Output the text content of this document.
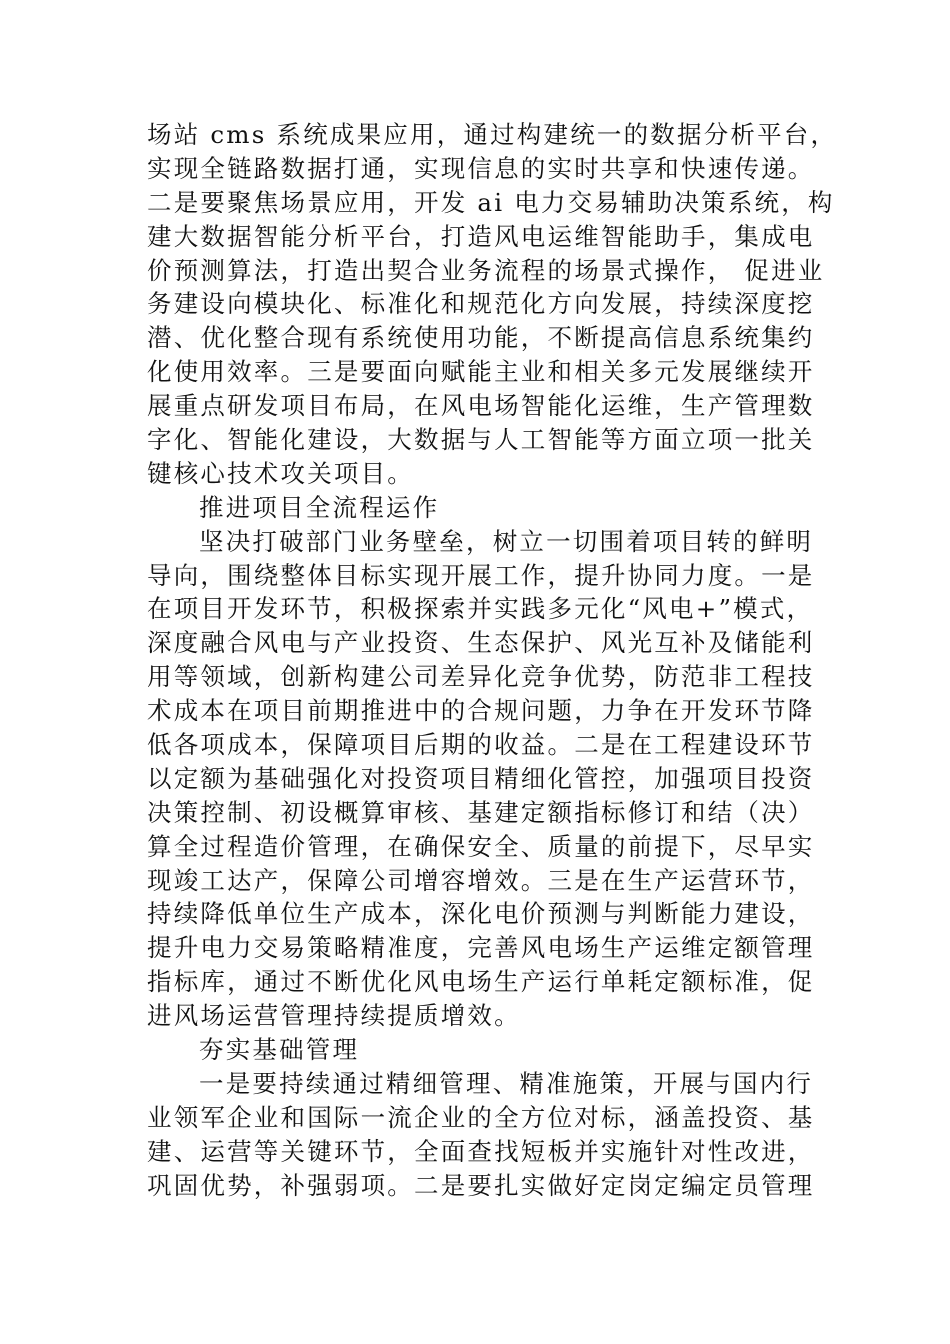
场站 cms 系统成果应用，通过构建统一的数据分析平台，
实现全链路数据打通，实现信息的实时共享和快速传递。
二是要聚焦场景应用，开发 ai 电力交易辅助决策系统，构
建大数据智能分析平台，打造风电运维智能助手，集成电
价预测算法，打造出契合业务流程的场景式操作， 促进业
务建设向模块化、标准化和规范化方向发展，持续深度挖
潜、优化整合现有系统使用功能，不断提高信息系统集约
化使用效率。三是要面向赋能主业和相关多元发展继续开
展重点研发项目布局，在风电场智能化运维，生产管理数
字化、智能化建设，大数据与人工智能等方面立项一批关
键核心技术攻关项目。
推进项目全流程运作
坚决打破部门业务壁垒，树立一切围着项目转的鲜明
导向，围绕整体目标实现开展工作，提升协同力度。一是
在项目开发环节，积极探索并实践多元化“风电+”模式，
深度融合风电与产业投资、生态保护、风光互补及储能利
用等领域，创新构建公司差异化竞争优势，防范非工程技
术成本在项目前期推进中的合规问题，力争在开发环节降
低各项成本，保障项目后期的收益。二是在工程建设环节
以定额为基础强化对投资项目精细化管控，加强项目投资
决策控制、初设概算审核、基建定额指标修订和结（决）
算全过程造价管理，在确保安全、质量的前提下，尽早实
现竣工达产，保障公司增容增效。三是在生产运营环节，
持续降低单位生产成本，深化电价预测与判断能力建设，
提升电力交易策略精准度，完善风电场生产运维定额管理
指标库，通过不断优化风电场生产运行单耗定额标准，促
进风场运营管理持续提质增效。
夯实基础管理
一是要持续通过精细管理、精准施策，开展与国内行
业领军企业和国际一流企业的全方位对标，涵盖投资、基
建、运营等关键环节，全面查找短板并实施针对性改进，
巩固优势，补强弱项。二是要扎实做好定岗定编定员管理
